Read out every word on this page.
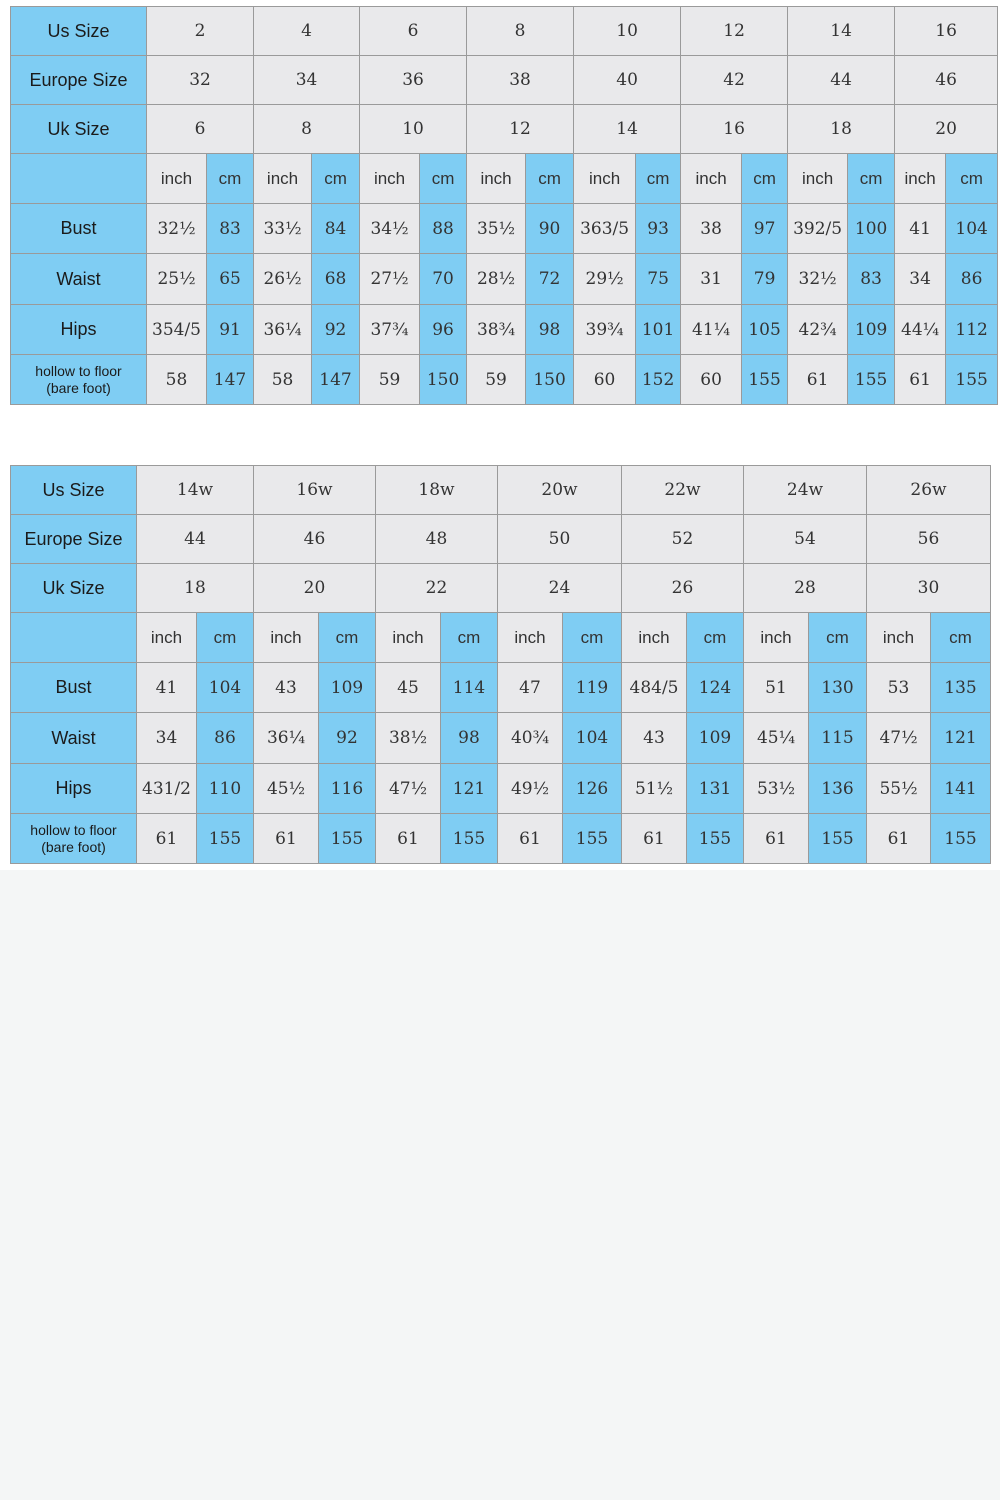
Us Size	2		4		6		8		10		12		14		16	
Europe Size	32		34		36		38		40		42		44		46	
Uk Size	6		8		10		12		14		16		18		20	
	inch	cm	inch	cm	inch	cm	inch	cm	inch	cm	inch	cm	inch	cm	inch	cm
Bust	32½	83	33½	84	34½	88	35½	90	363/5	93	38	97	392/5	100	41	104
Waist	25½	65	26½	68	27½	70	28½	72	29½	75	31	79	32½	83	34	86
Hips	354/5	91	36¼	92	37¾	96	38¾	98	39¾	101	41¼	105	42¾	109	44¼	112

hollow to floor
(bare foot)	58	147	58	147	59	150	59	150	60	152	60	155	61	155	61	155
Us Size	14w		16w		18w		20w		22w		24w		26w	
Europe Size	44		46		48		50		52		54		56	
Uk Size	18		20		22		24		26		28		30	
	inch	cm	inch	cm	inch	cm	inch	cm	inch	cm	inch	cm	inch	cm
Bust	41	104	43	109	45	114	47	119	484/5	124	51	130	53	135
Waist	34	86	36¼	92	38½	98	40¾	104	43	109	45¼	115	47½	121
Hips	431/2	110	45½	116	47½	121	49½	126	51½	131	53½	136	55½	141

hollow to floor
(bare foot)	61	155	61	155	61	155	61	155	61	155	61	155	61	155
